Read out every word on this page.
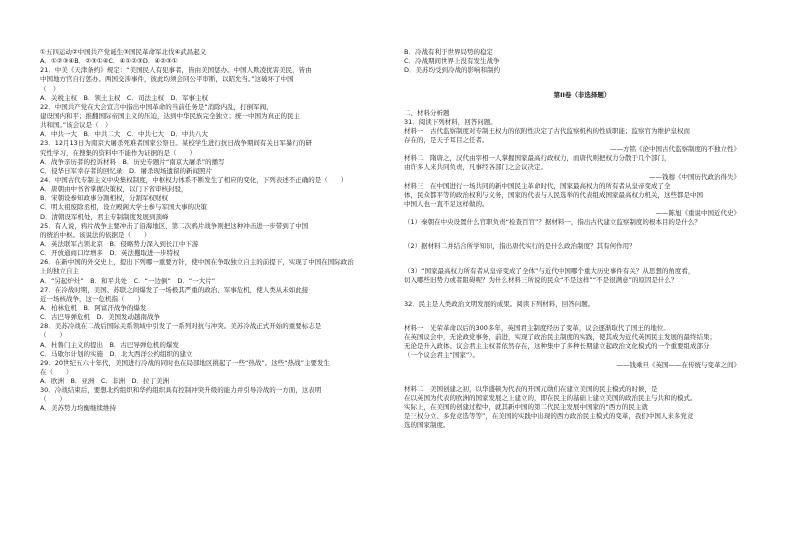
①五四运动②中国共产党诞生③国民革命军北伐④武昌起义
A．①②③④B．②③①④C．④①②③D．④②③①
21．中美《天津条约》规定：“美国民人有犯事者，皆由美国惩办。中国人欺凌扰害美民，皆由
中国地方官自行惩办。两国交涉事件，彼此均须会同公平审断，以昭允当。”这破坏了中国
（　）
A．关税主权　B．领土主权　C．司法主权　D．军事主权
22．中国共产党在大会宣言中指出中国革命的当前任务是“消除内乱，打倒军阀，
建设国内和平；推翻国际帝国主义的压迫，达到中华民族完全独立；统一中国为真正的民主
共和国。”该会议是（　）
A．中共一大　B．中共二大　C．中共七大　D．中共八大
23．12月13日为南京大屠杀死难者国家公祭日。某校学生进行抗日战争期间有关日军暴行的研
究性学习，在搜集的资料中不能作为证据的是（　　）
A．战争亲历者的控诉材料　B．历史专题片“南京大屠杀”的播写
C．侵华日军幸存者的回忆录　D．屠杀现场遗留的新闻照片
24．中国古代专制主义中央集权制度，中枢权力体系不断发生了相应的变化，下列表述不正确的是（　　）
A．唐朝由中书省掌握决策权，以门下省审核封驳，
B．宋朝设参知政事分割相权，分割军权财权
C．明太祖废除丞相，设立殿阁大学士参与军国大事的决策
D．清朝设军机处，君主专制制度发展到顶峰
25．有人说，鸦片战争主要冲击了沿海地区，第二次鸦片战争则把这种冲击进一步带到了中国
的统治中枢。该说法的依据是（　　）
A．英法联军占领北京　B．侵略势力深入到长江中下游
C．开放通商口岸增多　D．英法攫取进一步特权
26．在新中国的外交史上，提出下列哪一重要方针，使中国在争取独立自主的前提下，实现了中国在国际政治
上的独立自主
A．“另起炉灶”　B．和平共处　C．“一边倒”　D．“一大片”
27．在冷战时期，美国、苏联之间爆发了一场极其严重的政治、军事危机，使人类从未如此接
近一场核战争，这一危机指（　　）
A．柏林危机　B．阿富汗战争的爆发
C．古巴导弹危机　D．美国发动越南战争
28．美苏冷战在二战后国际关系领域中引发了一系列对抗与冲突。美苏冷战正式开始的重要标志是
（　　）
A．杜鲁门主义的提出　B．古巴导弹危机的爆发
C．马歇尔计划的实施　D．北大西洋公约组织的建立
29．20世纪五六十年代，美国进行冷战的同时也在局部地区挑起了一些“热战”。这些“热战”主要发生
在（　　）
A．欧洲　B．亚洲　C．非洲　D．拉丁美洲
30．冷战结束后，要想北约组织和华约组织具有控制冲突升级的能力并引导冷战的一方面，这表明
（　　）
A．美苏势力均衡继续维持
B．冷战有利于世界局势的稳定
C．冷战期间世界上没有发生战争
D．美苏均受到冷战的影响和制约
第II卷（非选择题）
二、材料分析题
31．阅读下列材料，回答问题。
材料一　古代监察制度对专制王权力的依附性决定了古代监察机构的性质职能；监察官为维护皇权而
存在的，是天子耳目之任者。
——方铭《论中国古代监察制度的不独立性》
材料二　隋唐之，汉代由宰相一人掌握国家最高行政权力，而唐代则把权力分散于几个部门，
由许多人来共同负责，凡事经各部门之会议决定。
——钱穆《中国历代政治得失》
材料三　在中国进行一场共同的新中国民主革命时代，国家最高权力的所有者从皇帝变成了全
体，民众都平等的政治权利与义务，国家的代表与人民选举的代表组成国家最高权力机关，这些都是中国
中国人也一直不足这样做的。
——陈旭《重说中国近代史》
（1）秦朝在中央设置什么官职负责“检查百官”？据材料一，指出古代建立监察制度的根本目的是什么？
（2）据材料二并结合所学知识，指出唐代实行的是什么政治制度？其有何作用？
（3）“国家最高权力所有者从皇帝变成了全体”与近代中国哪个重大历史事件有关？从思想的角度看，
切入哪些旧势力或者阻碍呢？为什么材料三所说的民众“不是这样”“不是很满意”的原因是什么？
32．民主是人类政治文明发展的成果。阅读下列材料，回答问题。
材料一　光荣革命以后的300多年，英国君主制度经历了变革，议会逐渐取代了国王的地位。
在英国议会中，无论政党事务，前进，实现了政治民主制度的实践，使其成为近代英国民主发展的最终结果；
无论是升入政体、议会君主主权者依然存在，这种集中了多种长期建立起政治文化模式的一个重要组成部分
（一个议会君主“国家”）。
——钱乘旦《英国——在传统与变革之间》
材料二　美国创建之初，以华盛顿为代表的开国元勋们在建立美国的民主模式的时候，是
在以英国为代表的欧洲的国家发展之上建立的，即在民主的基础上建立美国的政治民主与共和的模式。
实际上，在美国的创建过程中，就其新中国的第二代民主发展中国家的“西方的民主就
是三权分立、多党竞选等等”，在美国的实践中出现的西方政治民主模式的变革，我们中国人来多党竞
选的国家制度。
